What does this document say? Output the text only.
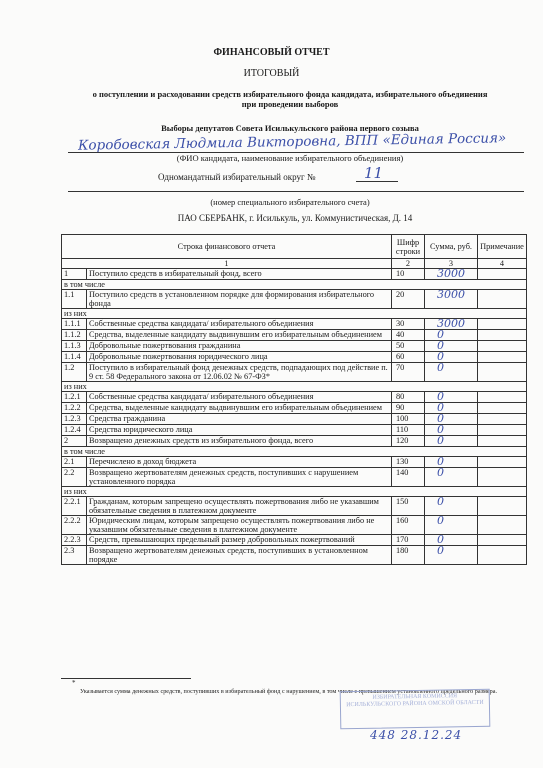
ФИНАНСОВЫЙ ОТЧЕТ
ИТОГОВЫЙ
о поступлении и расходовании средств избирательного фонда кандидата, избирательного объединения
при проведении выборов
Выборы депутатов Совета Исилькульского района первого созыва
Коробовская Людмила Викторовна, ВПП «Единая Россия»
(ФИО кандидата, наименование избирательного объединения)
Одномандатный избирательный округ №	11
(номер специального избирательного счета)
ПАО СБЕРБАНК, г. Исилькуль, ул. Коммунистическая, Д. 14
Строка финансового отчета		Шифр строки	Сумма, руб.	Примечание
1		2	3	4
1	Поступило средств в избирательный фонд, всего	10	3000	
в том числе				
1.1	Поступило средств в установленном порядке для формирования избирательного фонда	20	3000	
из них				
1.1.1	Собственные средства кандидата/ избирательного объединения	30	3000	
1.1.2	Средства, выделенные кандидату выдвинувшим его избирательным объединением	40	0	
1.1.3	Добровольные пожертвования гражданина	50	0	
1.1.4	Добровольные пожертвования юридического лица	60	0	
1.2	Поступило в избирательный фонд денежных средств, подпадающих под действие п. 9 ст. 58 Федерального закона от 12.06.02 № 67-ФЗ*	70	0	
из них				
1.2.1	Собственные средства кандидата/ избирательного объединения	80	0	
1.2.2	Средства, выделенные кандидату выдвинувшим его избирательным объединением	90	0	
1.2.3	Средства гражданина	100	0	
1.2.4	Средства юридического лица	110	0	
2	Возвращено денежных средств из избирательного фонда, всего	120	0	
в том числе				
2.1	Перечислено в доход бюджета	130	0	
2.2	Возвращено жертвователям денежных средств, поступивших с нарушением установленного порядка	140	0	
из них				
2.2.1	Гражданам, которым запрещено осуществлять пожертвования либо не указавшим обязательные сведения в платежном документе	150	0	
2.2.2	Юридическим лицам, которым запрещено осуществлять пожертвования либо не указавшим обязательные сведения в платежном документе	160	0	
2.2.3	Средств, превышающих предельный размер добровольных пожертвований	170	0	
2.3	Возвращено жертвователям денежных средств, поступивших в установленном порядке	180	0	
*
Указывается сумма денежных средств, поступивших в избирательный фонд с нарушением, в том числе с превышением установленного предельного размера.
ИЗБИРАТЕЛЬНАЯ КОМИССИЯ ИСИЛЬКУЛЬСКОГО РАЙОНА ОМСКОЙ ОБЛАСТИ
448 28.12.24
